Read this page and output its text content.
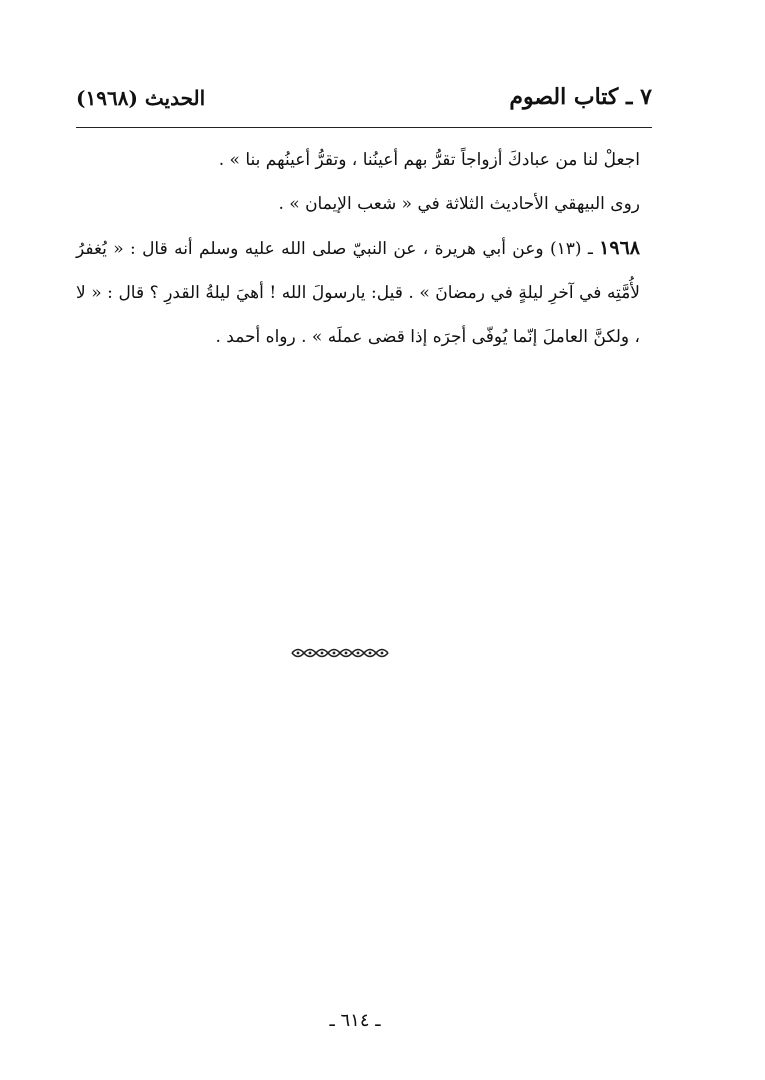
٧ ـ كتاب الصوم
الحديث (١٩٦٨)

اجعلْ لنا من عبادكَ أزواجاً تقرُّ بهم أعينُنا ، وتقرُّ أعينُهم بنا » .

روى البيهقي الأحاديث الثلاثة في « شعب الإيمان » .

١٩٦٨ ـ (١٣) وعن أبي هريرة ، عن النبيّ صلى الله عليه وسلم أنه قال : « يُغفرُ لأُمَّتِه في آخرِ ليلةٍ في رمضانَ » . قيل: يارسولَ الله ! أهيَ ليلةُ القدرِ ؟ قال : « لا ، ولكنَّ العاملَ إنّما يُوفّى أجرَه إذا قضى عملَه » . رواه أحمد .

ـ ٦١٤ ـ
